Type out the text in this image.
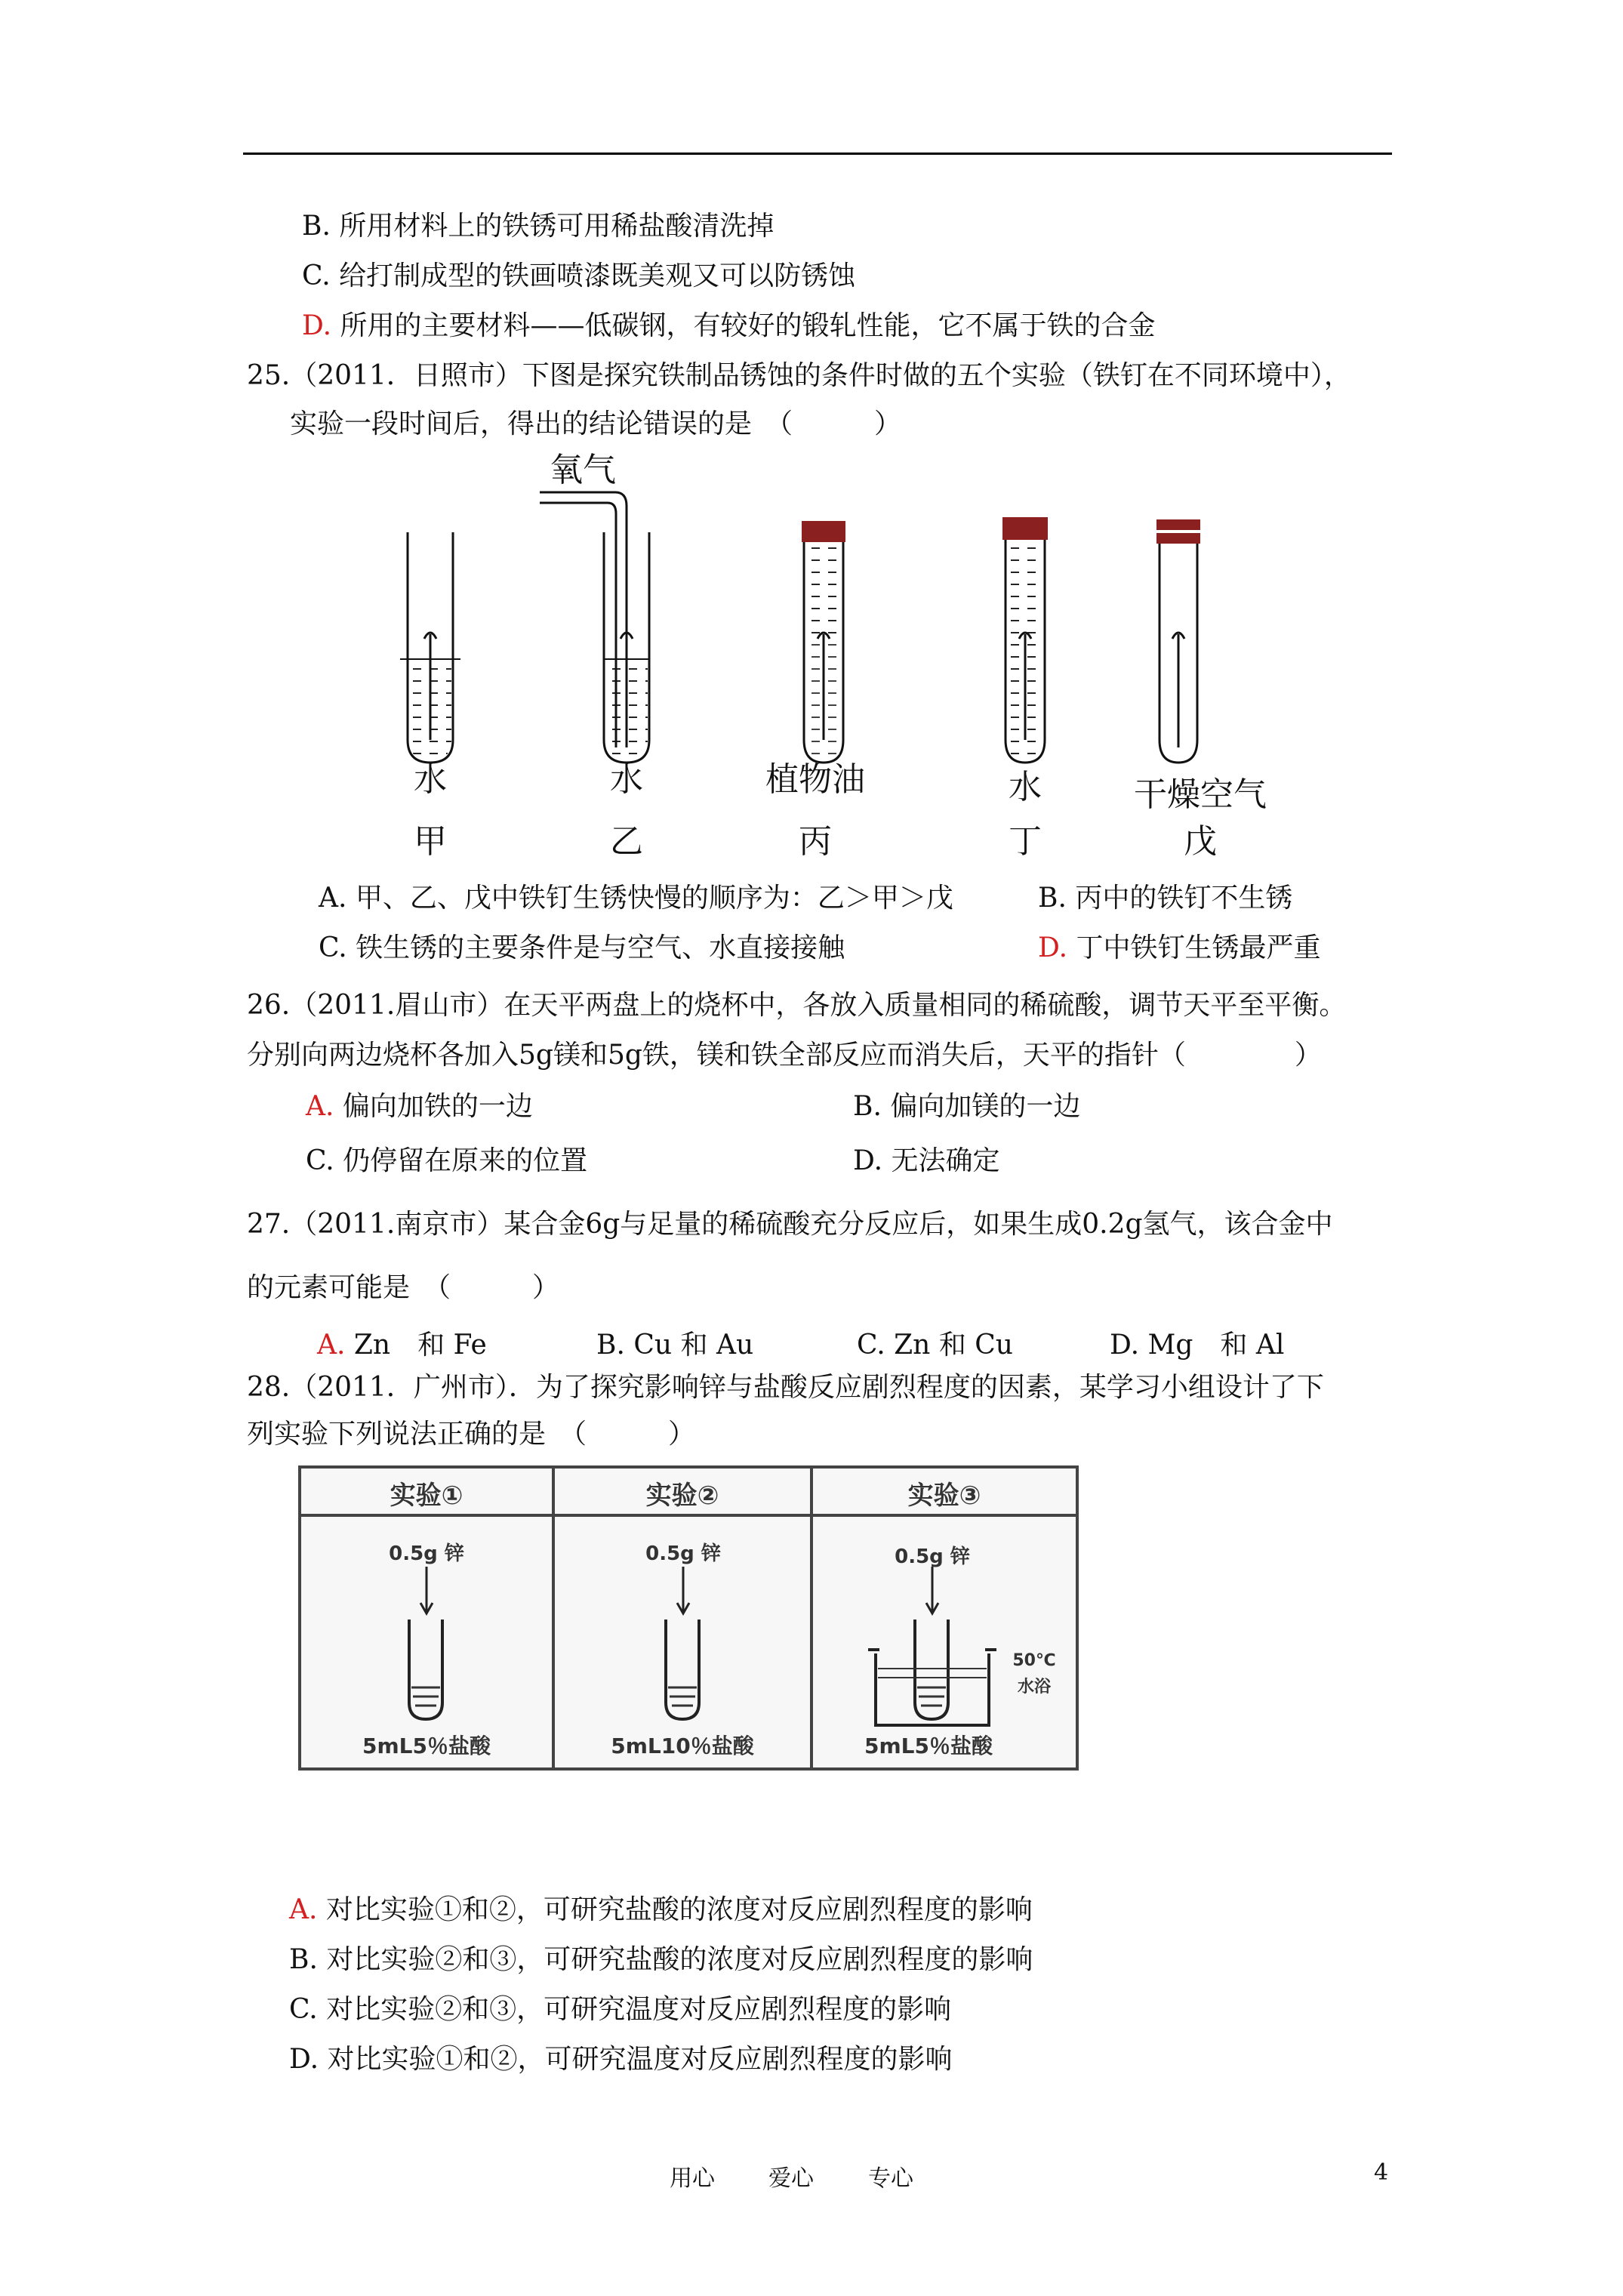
B. 所用材料上的铁锈可用稀盐酸清洗掉
C. 给打制成型的铁画喷漆既美观又可以防锈蚀
D. 所用的主要材料——低碳钢，有较好的锻轧性能，它不属于铁的合金
25.（2011．日照市）下图是探究铁制品锈蚀的条件时做的五个实验（铁钉在不同环境中），
实验一段时间后，得出的结论错误的是　（　　　）
氧气
水	水	植物油	水	干燥空气
甲	乙	丙	丁	戊
A. 甲、乙、戊中铁钉生锈快慢的顺序为：乙＞甲＞戊	B. 丙中的铁钉不生锈
C. 铁生锈的主要条件是与空气、水直接接触	D. 丁中铁钉生锈最严重
26.（2011.眉山市）在天平两盘上的烧杯中，各放入质量相同的稀硫酸，调节天平至平衡。
分别向两边烧杯各加入5g镁和5g铁，镁和铁全部反应而消失后，天平的指针（　　　　）
A. 偏向加铁的一边	B. 偏向加镁的一边
C. 仍停留在原来的位置	D. 无法确定
27.（2011.南京市）某合金6g与足量的稀硫酸充分反应后，如果生成0.2g氢气，该合金中
的元素可能是　（　　　）
A. Zn　和 Fe	B. Cu 和 Au	C. Zn 和 Cu	D. Mg　和 Al
28.（2011．广州市）．为了探究影响锌与盐酸反应剧烈程度的因素，某学习小组设计了下
列实验下列说法正确的是　（　　　）
实验①	实验②	实验③
0.5g 锌	0.5g 锌	0.5g 锌
5mL5％盐酸	5mL10％盐酸	5mL5％盐酸
50℃
水浴
A. 对比实验①和②，可研究盐酸的浓度对反应剧烈程度的影响
B. 对比实验②和③，可研究盐酸的浓度对反应剧烈程度的影响
C. 对比实验②和③，可研究温度对反应剧烈程度的影响
D. 对比实验①和②，可研究温度对反应剧烈程度的影响
用心 爱心 专心	4
